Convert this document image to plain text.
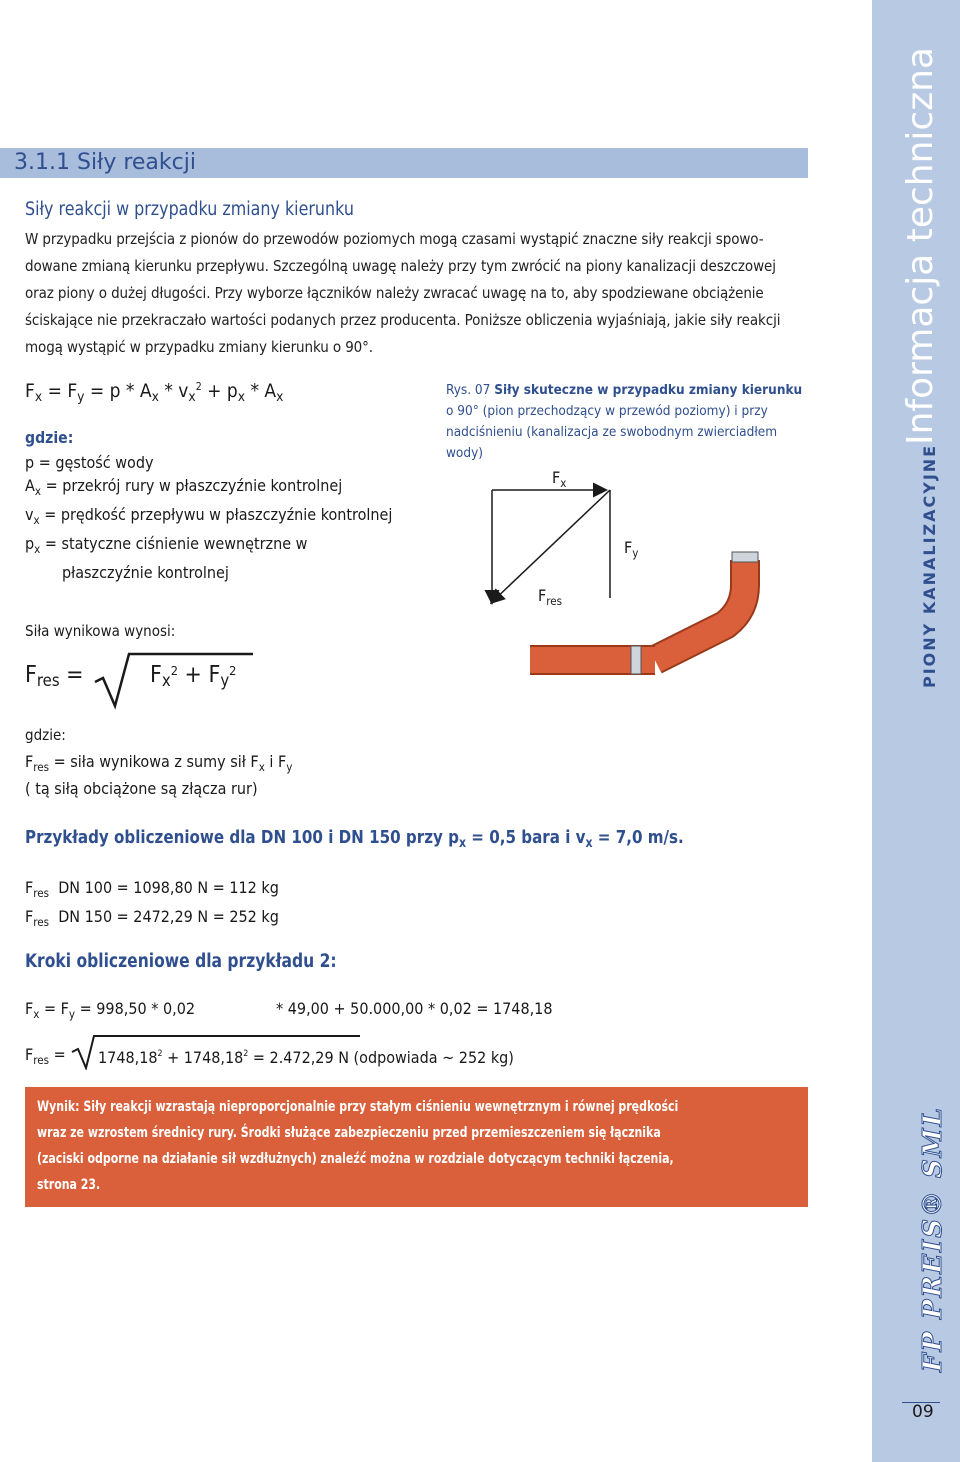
3.1.1 Siły reakcji
Siły reakcji w przypadku zmiany kierunku
W przypadku przejścia z pionów do przewodów poziomych mogą czasami wystąpić znaczne siły reakcji spowo-
dowane zmianą kierunku przepływu. Szczególną uwagę należy przy tym zwrócić na piony kanalizacji deszczowej
oraz piony o dużej długości. Przy wyborze łączników należy zwracać uwagę na to, aby spodziewane obciążenie
ściskające nie przekraczało wartości podanych przez producenta. Poniższe obliczenia wyjaśniają, jakie siły reakcji
mogą wystąpić w przypadku zmiany kierunku o 90°.
$F_x = F_y = p * A_x * v_x^2 + p_x * A_x$
gdzie:
p = gęstość wody
$A_x$ = przekrój rury w płaszczyźnie kontrolnej
$v_x$ = prędkość przepływu w płaszczyźnie kontrolnej
$p_x$ = statyczne ciśnienie wewnętrzne w
płaszczyźnie kontrolnej
Siła wynikowa wynosi:
$F_{res}$ =	$F_x^2 + F_y^2$
gdzie:
$F_{res}$ = siła wynikowa z sumy sił $F_x$ i $F_y$
( tą siłą obciążone są złącza rur)
Rys. 07 Siły skuteczne w przypadku zmiany kierunku
o 90° (pion przechodzący w przewód poziomy) i przy
nadciśnieniu (kanalizacja ze swobodnym zwierciadłem
wody)
$F_x$
$F_y$
$F_{res}$
Przykłady obliczeniowe dla DN 100 i DN 150 przy $p_x = 0,5$ bara i $v_x = 7,0$ m/s.
$F_{res}$ DN 100 = 1098,80 N = 112 kg
$F_{res}$ DN 150 = 2472,29 N = 252 kg
Kroki obliczeniowe dla przykładu 2:
$F_x = F_y = 998,50 * 0,02$	* 49,00 + 50.000,00 * 0,02 = 1748,18
$F_{res} = 1748,18^2 + 1748,18^2 = 2.472,29$ N (odpowiada ~ 252 kg)
Wynik: Siły reakcji wzrastają nieproporcjonalnie przy stałym ciśnieniu wewnętrznym i równej prędkości
wraz ze wzrostem średnicy rury. Środki służące zabezpieczeniu przed przemieszczeniem się łącznika
(zaciski odporne na działanie sił wzdłużnych) znaleźć można w rozdziale dotyczącym techniki łączenia,
strona 23.
Informacja techniczna
PIONY KANALIZACYJNE
FP PREIS® SML
09
